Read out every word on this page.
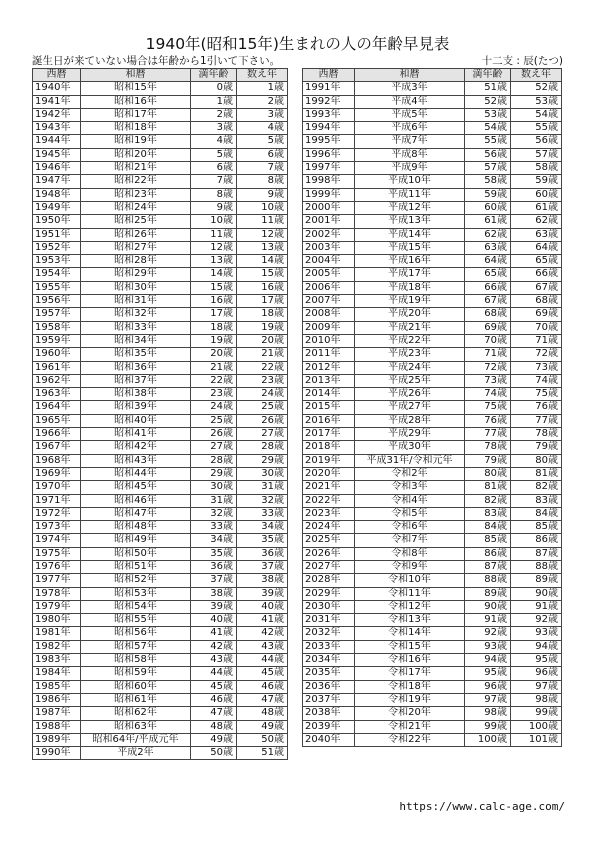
1940年(昭和15年)生まれの人の年齢早見表
誕生日が来ていない場合は年齢から1引いて下さい。	十二支 : 辰(たつ)
西暦	和暦	満年齢	数え年
1940年	昭和15年	0歳	1歳
1941年	昭和16年	1歳	2歳
1942年	昭和17年	2歳	3歳
1943年	昭和18年	3歳	4歳
1944年	昭和19年	4歳	5歳
1945年	昭和20年	5歳	6歳
1946年	昭和21年	6歳	7歳
1947年	昭和22年	7歳	8歳
1948年	昭和23年	8歳	9歳
1949年	昭和24年	9歳	10歳
1950年	昭和25年	10歳	11歳
1951年	昭和26年	11歳	12歳
1952年	昭和27年	12歳	13歳
1953年	昭和28年	13歳	14歳
1954年	昭和29年	14歳	15歳
1955年	昭和30年	15歳	16歳
1956年	昭和31年	16歳	17歳
1957年	昭和32年	17歳	18歳
1958年	昭和33年	18歳	19歳
1959年	昭和34年	19歳	20歳
1960年	昭和35年	20歳	21歳
1961年	昭和36年	21歳	22歳
1962年	昭和37年	22歳	23歳
1963年	昭和38年	23歳	24歳
1964年	昭和39年	24歳	25歳
1965年	昭和40年	25歳	26歳
1966年	昭和41年	26歳	27歳
1967年	昭和42年	27歳	28歳
1968年	昭和43年	28歳	29歳
1969年	昭和44年	29歳	30歳
1970年	昭和45年	30歳	31歳
1971年	昭和46年	31歳	32歳
1972年	昭和47年	32歳	33歳
1973年	昭和48年	33歳	34歳
1974年	昭和49年	34歳	35歳
1975年	昭和50年	35歳	36歳
1976年	昭和51年	36歳	37歳
1977年	昭和52年	37歳	38歳
1978年	昭和53年	38歳	39歳
1979年	昭和54年	39歳	40歳
1980年	昭和55年	40歳	41歳
1981年	昭和56年	41歳	42歳
1982年	昭和57年	42歳	43歳
1983年	昭和58年	43歳	44歳
1984年	昭和59年	44歳	45歳
1985年	昭和60年	45歳	46歳
1986年	昭和61年	46歳	47歳
1987年	昭和62年	47歳	48歳
1988年	昭和63年	48歳	49歳
1989年	昭和64年/平成元年	49歳	50歳
1990年	平成2年	50歳	51歳
西暦	和暦	満年齢	数え年
1991年	平成3年	51歳	52歳
1992年	平成4年	52歳	53歳
1993年	平成5年	53歳	54歳
1994年	平成6年	54歳	55歳
1995年	平成7年	55歳	56歳
1996年	平成8年	56歳	57歳
1997年	平成9年	57歳	58歳
1998年	平成10年	58歳	59歳
1999年	平成11年	59歳	60歳
2000年	平成12年	60歳	61歳
2001年	平成13年	61歳	62歳
2002年	平成14年	62歳	63歳
2003年	平成15年	63歳	64歳
2004年	平成16年	64歳	65歳
2005年	平成17年	65歳	66歳
2006年	平成18年	66歳	67歳
2007年	平成19年	67歳	68歳
2008年	平成20年	68歳	69歳
2009年	平成21年	69歳	70歳
2010年	平成22年	70歳	71歳
2011年	平成23年	71歳	72歳
2012年	平成24年	72歳	73歳
2013年	平成25年	73歳	74歳
2014年	平成26年	74歳	75歳
2015年	平成27年	75歳	76歳
2016年	平成28年	76歳	77歳
2017年	平成29年	77歳	78歳
2018年	平成30年	78歳	79歳
2019年	平成31年/令和元年	79歳	80歳
2020年	令和2年	80歳	81歳
2021年	令和3年	81歳	82歳
2022年	令和4年	82歳	83歳
2023年	令和5年	83歳	84歳
2024年	令和6年	84歳	85歳
2025年	令和7年	85歳	86歳
2026年	令和8年	86歳	87歳
2027年	令和9年	87歳	88歳
2028年	令和10年	88歳	89歳
2029年	令和11年	89歳	90歳
2030年	令和12年	90歳	91歳
2031年	令和13年	91歳	92歳
2032年	令和14年	92歳	93歳
2033年	令和15年	93歳	94歳
2034年	令和16年	94歳	95歳
2035年	令和17年	95歳	96歳
2036年	令和18年	96歳	97歳
2037年	令和19年	97歳	98歳
2038年	令和20年	98歳	99歳
2039年	令和21年	99歳	100歳
2040年	令和22年	100歳	101歳
https://www.calc-age.com/
